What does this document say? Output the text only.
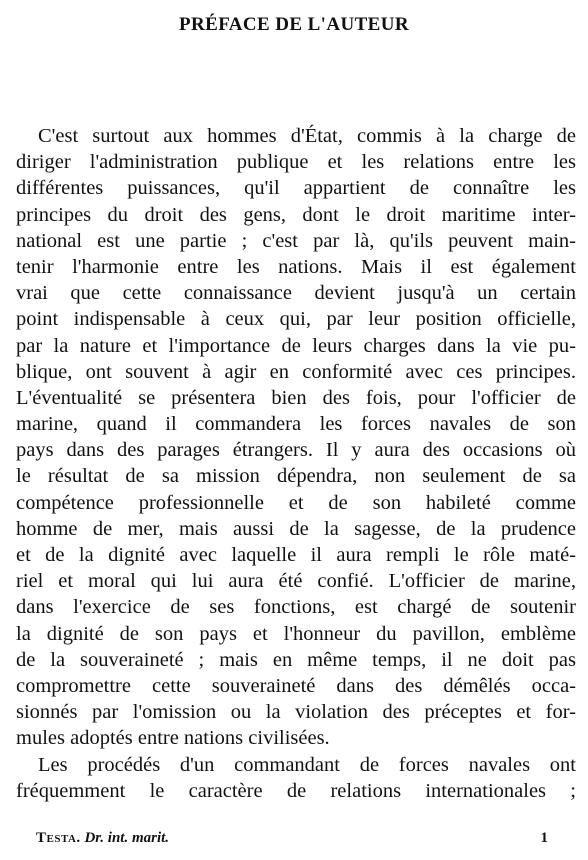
PRÉFACE DE L'AUTEUR
C'est surtout aux hommes d'État, commis à la charge de
diriger l'administration publique et les relations entre les
différentes puissances, qu'il appartient de connaître les
principes du droit des gens, dont le droit maritime inter-
national est une partie ; c'est par là, qu'ils peuvent main-
tenir l'harmonie entre les nations. Mais il est également
vrai que cette connaissance devient jusqu'à un certain
point indispensable à ceux qui, par leur position officielle,
par la nature et l'importance de leurs charges dans la vie pu-
blique, ont souvent à agir en conformité avec ces principes.
L'éventualité se présentera bien des fois, pour l'officier de
marine, quand il commandera les forces navales de son
pays dans des parages étrangers. Il y aura des occasions où
le résultat de sa mission dépendra, non seulement de sa
compétence professionnelle et de son habileté comme
homme de mer, mais aussi de la sagesse, de la prudence
et de la dignité avec laquelle il aura rempli le rôle maté-
riel et moral qui lui aura été confié. L'officier de marine,
dans l'exercice de ses fonctions, est chargé de soutenir
la dignité de son pays et l'honneur du pavillon, emblème
de la souveraineté ; mais en même temps, il ne doit pas
compromettre cette souveraineté dans des démêlés occa-
sionnés par l'omission ou la violation des préceptes et for-
mules adoptés entre nations civilisées.
Les procédés d'un commandant de forces navales ont
fréquemment le caractère de relations internationales ;
Testa. Dr. int. marit.	1
